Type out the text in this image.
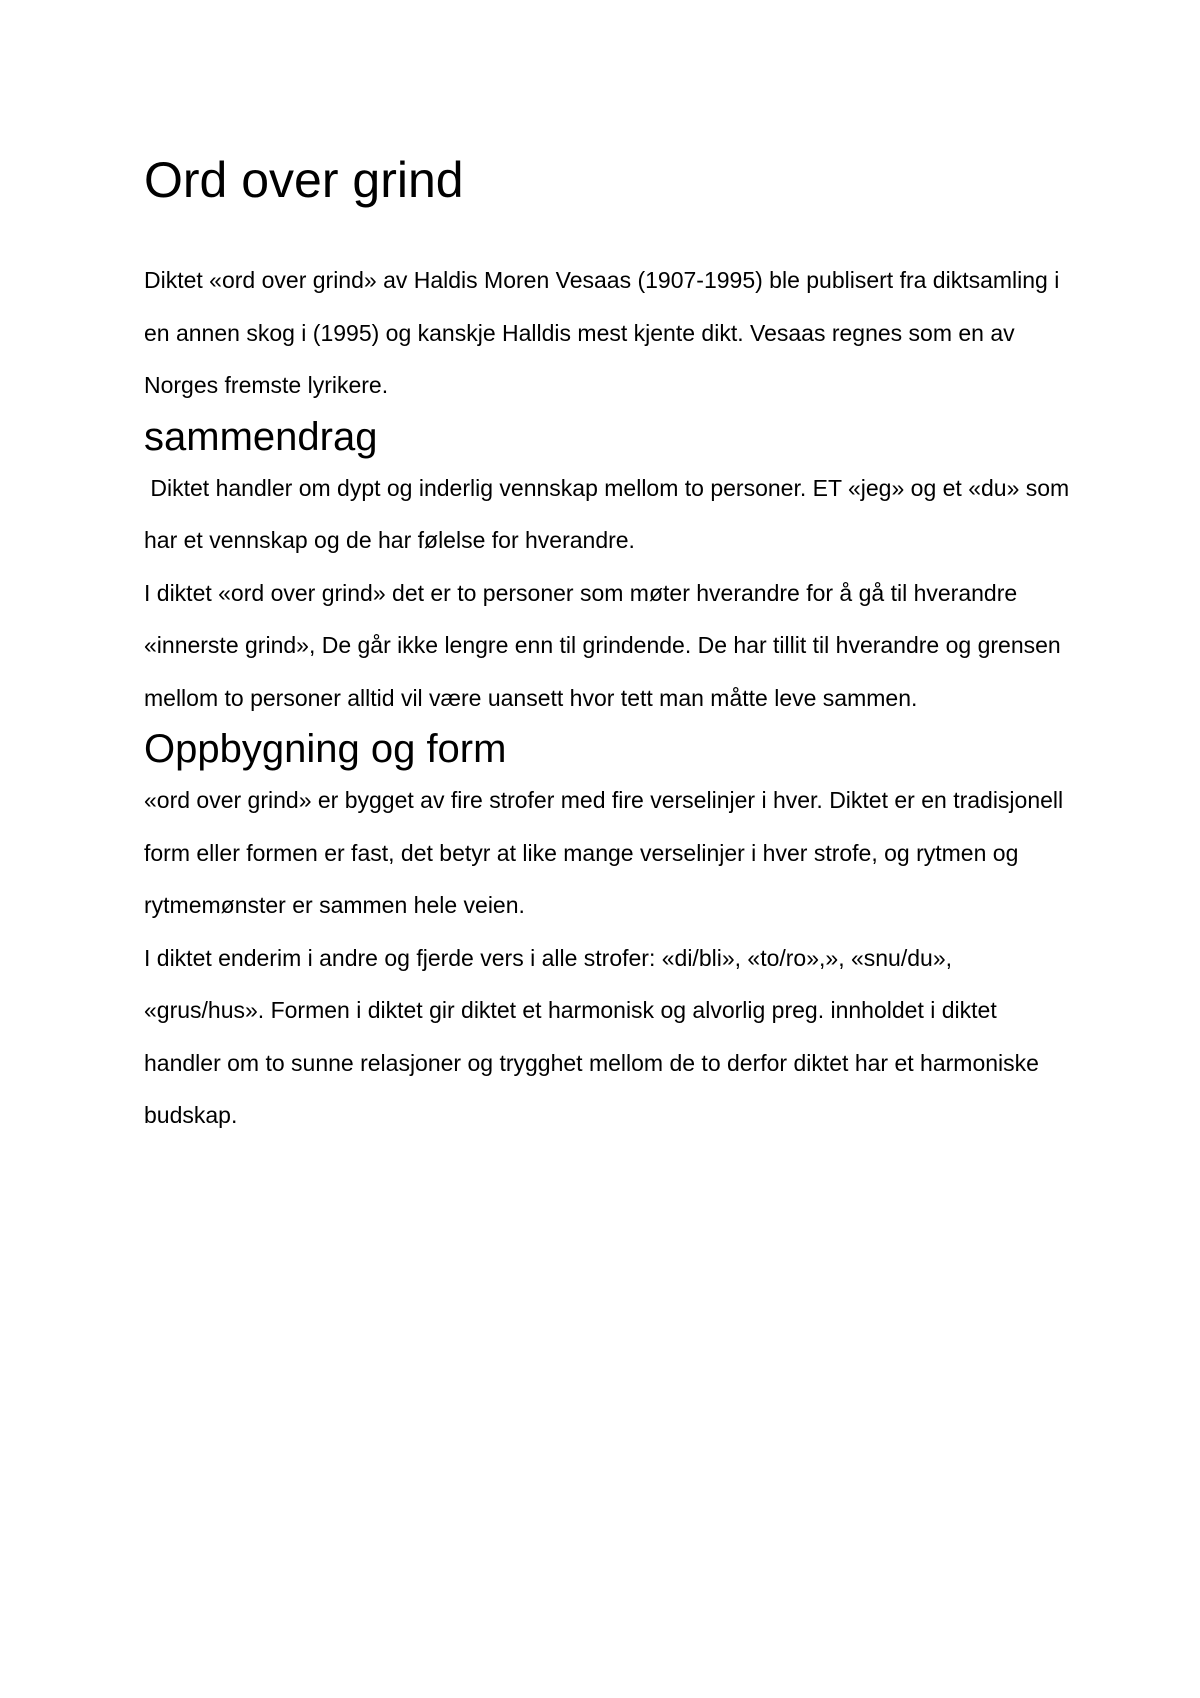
Ord over grind

Diktet «ord over grind» av Haldis Moren Vesaas (1907-1995) ble publisert fra diktsamling i en annen skog i (1995) og kanskje Halldis mest kjente dikt. Vesaas regnes som en av Norges fremste lyrikere.

sammendrag

Diktet handler om dypt og inderlig vennskap mellom to personer. ET «jeg» og et «du» som har et vennskap og de har følelse for hverandre.

I diktet «ord over grind» det er to personer som møter hverandre for å gå til hverandre «innerste grind», De går ikke lengre enn til grindende. De har tillit til hverandre og grensen mellom to personer alltid vil være uansett hvor tett man måtte leve sammen.

Oppbygning og form

«ord over grind» er bygget av fire strofer med fire verselinjer i hver. Diktet er en tradisjonell form eller formen er fast, det betyr at like mange verselinjer i hver strofe, og rytmen og rytmemønster er sammen hele veien.

I diktet enderim i andre og fjerde vers i alle strofer: «di/bli», «to/ro»,», «snu/du», «grus/hus». Formen i diktet gir diktet et harmonisk og alvorlig preg. innholdet i diktet handler om to sunne relasjoner og trygghet mellom de to derfor diktet har et harmoniske budskap.
